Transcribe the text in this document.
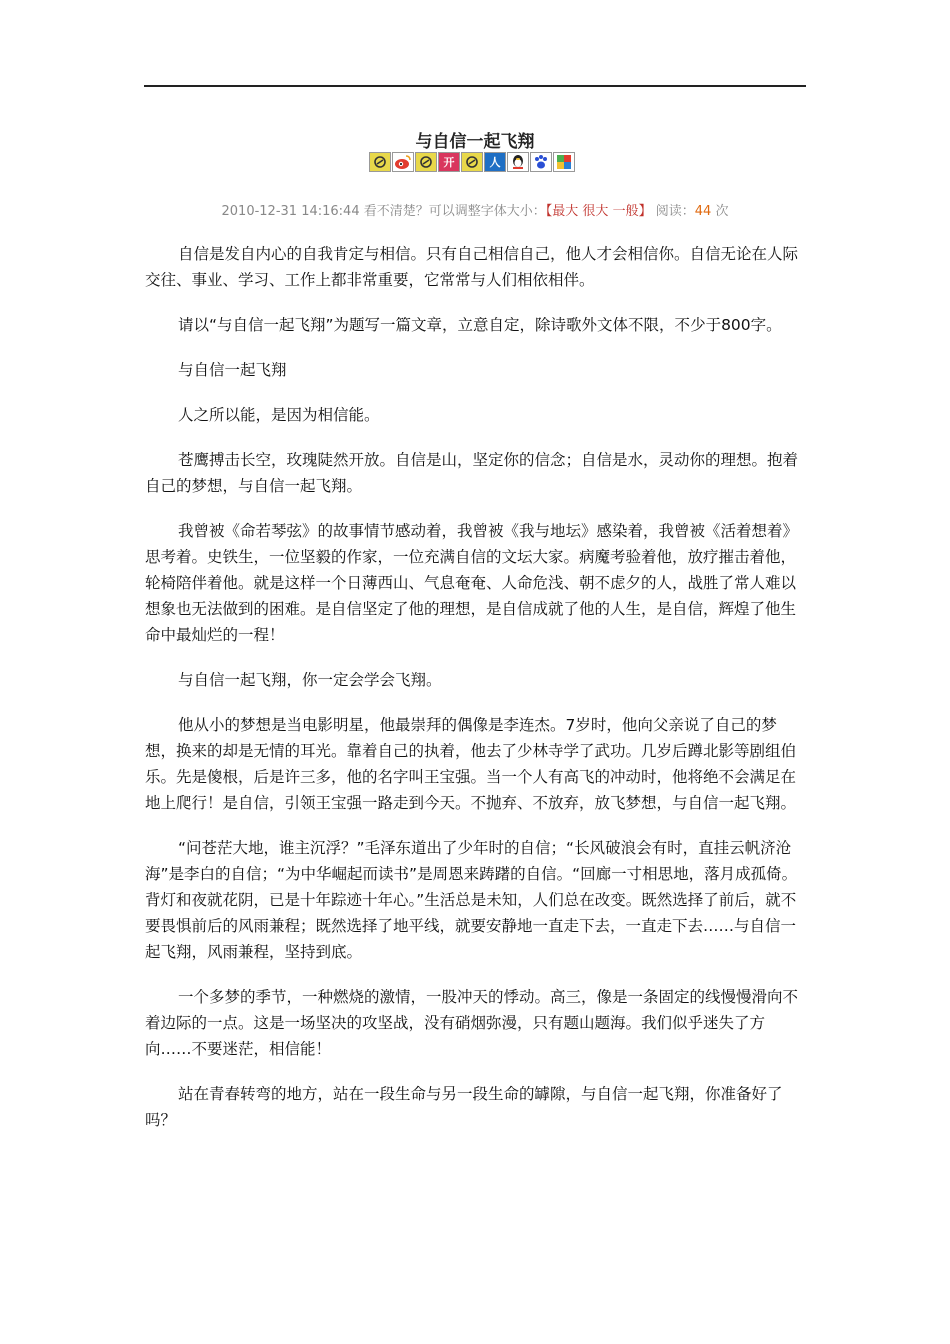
与自信一起飞翔
开	人
2010-12-31 14:16:44 看不清楚？可以调整字体大小：【最大 很大 一般】 阅读：44 次

自信是发自内心的自我肯定与相信。只有自己相信自己，他人才会相信你。自信无论在人际交往、事业、学习、工作上都非常重要，它常常与人们相依相伴。

请以“与自信一起飞翔”为题写一篇文章，立意自定，除诗歌外文体不限，不少于800字。

与自信一起飞翔

人之所以能，是因为相信能。

苍鹰搏击长空，玫瑰陡然开放。自信是山，坚定你的信念；自信是水，灵动你的理想。抱着自己的梦想，与自信一起飞翔。

我曾被《命若琴弦》的故事情节感动着，我曾被《我与地坛》感染着，我曾被《活着想着》思考着。史铁生，一位坚毅的作家，一位充满自信的文坛大家。病魔考验着他，放疗摧击着他，轮椅陪伴着他。就是这样一个日薄西山、气息奄奄、人命危浅、朝不虑夕的人，战胜了常人难以想象也无法做到的困难。是自信坚定了他的理想，是自信成就了他的人生，是自信，辉煌了他生命中最灿烂的一程！

与自信一起飞翔，你一定会学会飞翔。

他从小的梦想是当电影明星，他最崇拜的偶像是李连杰。7岁时，他向父亲说了自己的梦想，换来的却是无情的耳光。靠着自己的执着，他去了少林寺学了武功。几岁后蹲北影等剧组伯乐。先是傻根，后是许三多，他的名字叫王宝强。当一个人有高飞的冲动时，他将绝不会满足在地上爬行！是自信，引领王宝强一路走到今天。不抛弃、不放弃，放飞梦想，与自信一起飞翔。

“问苍茫大地，谁主沉浮？”毛泽东道出了少年时的自信；“长风破浪会有时，直挂云帆济沧海”是李白的自信；“为中华崛起而读书”是周恩来踌躇的自信。“回廊一寸相思地，落月成孤倚。背灯和夜就花阴，已是十年踪迹十年心。”生活总是未知，人们总在改变。既然选择了前后，就不要畏惧前后的风雨兼程；既然选择了地平线，就要安静地一直走下去，一直走下去……与自信一起飞翔，风雨兼程，坚持到底。

一个多梦的季节，一种燃烧的激情，一股冲天的悸动。高三，像是一条固定的线慢慢滑向不着边际的一点。这是一场坚决的攻坚战，没有硝烟弥漫，只有题山题海。我们似乎迷失了方向……不要迷茫，相信能！

站在青春转弯的地方，站在一段生命与另一段生命的罅隙，与自信一起飞翔，你准备好了吗？
